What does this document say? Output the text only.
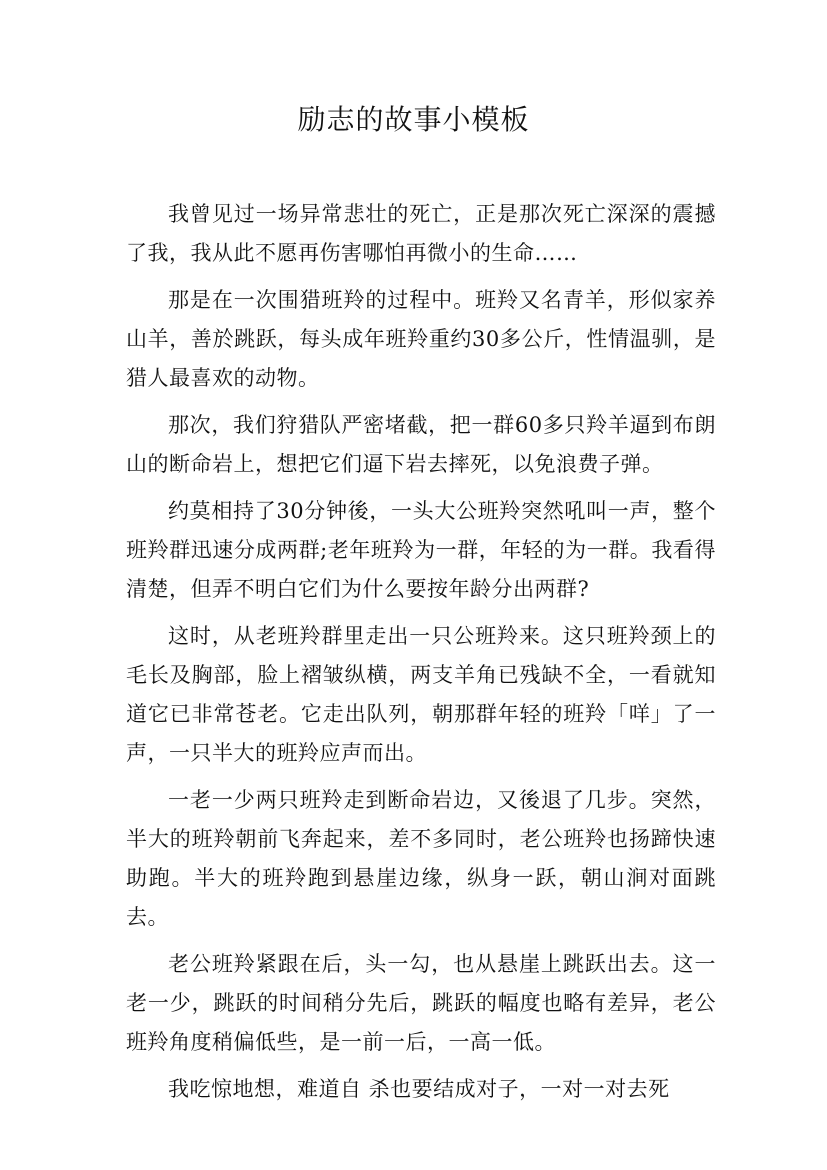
励志的故事小模板

我曾见过一场异常悲壮的死亡，正是那次死亡深深的震撼了我，我从此不愿再伤害哪怕再微小的生命……

那是在一次围猎班羚的过程中。班羚又名青羊，形似家养山羊，善於跳跃，每头成年班羚重约30多公斤，性情温驯，是猎人最喜欢的动物。

那次，我们狩猎队严密堵截，把一群60多只羚羊逼到布朗山的断命岩上，想把它们逼下岩去摔死，以免浪费子弹。

约莫相持了30分钟後，一头大公班羚突然吼叫一声，整个班羚群迅速分成两群;老年班羚为一群，年轻的为一群。我看得清楚，但弄不明白它们为什么要按年龄分出两群?

这时，从老班羚群里走出一只公班羚来。这只班羚颈上的毛长及胸部，脸上褶皱纵横，两支羊角已残缺不全，一看就知道它已非常苍老。它走出队列，朝那群年轻的班羚「咩」了一声，一只半大的班羚应声而出。

一老一少两只班羚走到断命岩边，又後退了几步。突然，半大的班羚朝前飞奔起来，差不多同时，老公班羚也扬蹄快速助跑。半大的班羚跑到悬崖边缘，纵身一跃，朝山涧对面跳去。

老公班羚紧跟在后，头一勾，也从悬崖上跳跃出去。这一老一少，跳跃的时间稍分先后，跳跃的幅度也略有差异，老公班羚角度稍偏低些，是一前一后，一高一低。

我吃惊地想，难道自 杀也要结成对子，一对一对去死
